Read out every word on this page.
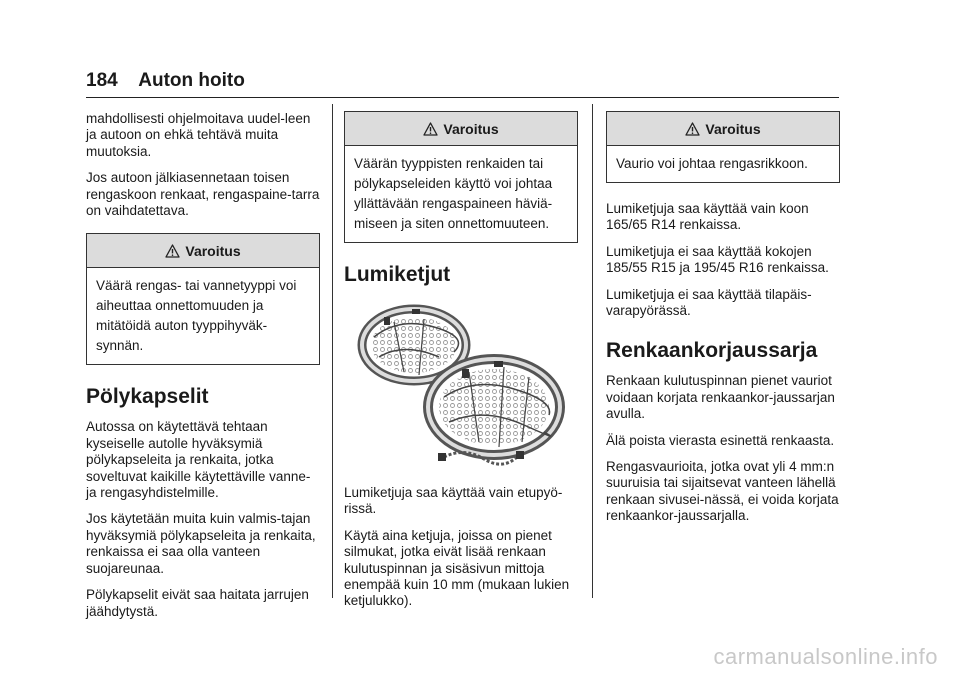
184 Auton hoito

mahdollisesti ohjelmoitava uudel-leen ja autoon on ehkä tehtävä muita muutoksia.

Jos autoon jälkiasennetaan toisen rengaskoon renkaat, rengaspaine-tarra on vaihdatettava.

Varoitus
Väärä rengas- tai vannetyyppi voi aiheuttaa onnettomuuden ja mitätöidä auton tyyppihyväk-synnän.
Pölykapselit

Autossa on käytettävä tehtaan kyseiselle autolle hyväksymiä pölykapseleita ja renkaita, jotka soveltuvat kaikille käytettäville vanne- ja rengasyhdistelmille.

Jos käytetään muita kuin valmis-tajan hyväksymiä pölykapseleita ja renkaita, renkaissa ei saa olla vanteen suojareunaa.

Pölykapselit eivät saa haitata jarrujen jäähdytystä.

Varoitus
Väärän tyyppisten renkaiden tai pölykapseleiden käyttö voi johtaa yllättävään rengaspaineen häviä-miseen ja siten onnettomuuteen.
Lumiketjut

Lumiketjuja saa käyttää vain etupyö-rissä.

Käytä aina ketjuja, joissa on pienet silmukat, jotka eivät lisää renkaan kulutuspinnan ja sisäsivun mittoja enempää kuin 10 mm (mukaan lukien ketjulukko).

Varoitus
Vaurio voi johtaa rengasrikkoon.

Lumiketjuja saa käyttää vain koon 165/65 R14 renkaissa.

Lumiketjuja ei saa käyttää kokojen 185/55 R15 ja 195/45 R16 renkaissa.

Lumiketjuja ei saa käyttää tilapäis-varapyörässä.

Renkaankorjaussarja

Renkaan kulutuspinnan pienet vauriot voidaan korjata renkaankor-jaussarjan avulla.

Älä poista vierasta esinettä renkaasta.

Rengasvaurioita, jotka ovat yli 4 mm:n suuruisia tai sijaitsevat vanteen lähellä renkaan sivusei-nässä, ei voida korjata renkaankor-jaussarjalla.

carmanualsonline.info
